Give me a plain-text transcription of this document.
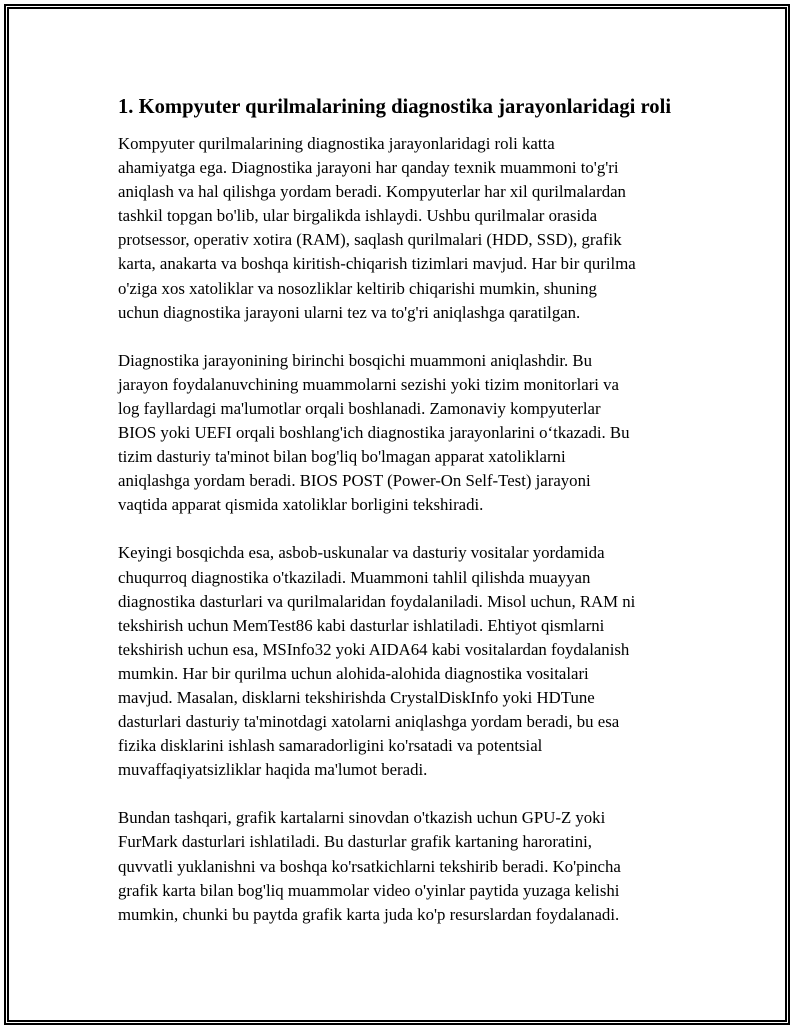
1. Kompyuter qurilmalarining diagnostika jarayonlaridagi roli

Kompyuter qurilmalarining diagnostika jarayonlaridagi roli katta
ahamiyatga ega. Diagnostika jarayoni har qanday texnik muammoni to'g'ri
aniqlash va hal qilishga yordam beradi. Kompyuterlar har xil qurilmalardan
tashkil topgan bo'lib, ular birgalikda ishlaydi. Ushbu qurilmalar orasida
protsessor, operativ xotira (RAM), saqlash qurilmalari (HDD, SSD), grafik
karta, anakarta va boshqa kiritish-chiqarish tizimlari mavjud. Har bir qurilma
o'ziga xos xatoliklar va nosozliklar keltirib chiqarishi mumkin, shuning
uchun diagnostika jarayoni ularni tez va to'g'ri aniqlashga qaratilgan.

Diagnostika jarayonining birinchi bosqichi muammoni aniqlashdir. Bu
jarayon foydalanuvchining muammolarni sezishi yoki tizim monitorlari va
log fayllardagi ma'lumotlar orqali boshlanadi. Zamonaviy kompyuterlar
BIOS yoki UEFI orqali boshlang'ich diagnostika jarayonlarini o‘tkazadi. Bu
tizim dasturiy ta'minot bilan bog'liq bo'lmagan apparat xatoliklarni
aniqlashga yordam beradi. BIOS POST (Power-On Self-Test) jarayoni
vaqtida apparat qismida xatoliklar borligini tekshiradi.

Keyingi bosqichda esa, asbob-uskunalar va dasturiy vositalar yordamida
chuqurroq diagnostika o'tkaziladi. Muammoni tahlil qilishda muayyan
diagnostika dasturlari va qurilmalaridan foydalaniladi. Misol uchun, RAM ni
tekshirish uchun MemTest86 kabi dasturlar ishlatiladi. Ehtiyot qismlarni
tekshirish uchun esa, MSInfo32 yoki AIDA64 kabi vositalardan foydalanish
mumkin. Har bir qurilma uchun alohida-alohida diagnostika vositalari
mavjud. Masalan, disklarni tekshirishda CrystalDiskInfo yoki HDTune
dasturlari dasturiy ta'minotdagi xatolarni aniqlashga yordam beradi, bu esa
fizika disklarini ishlash samaradorligini ko'rsatadi va potentsial
muvaffaqiyatsizliklar haqida ma'lumot beradi.

Bundan tashqari, grafik kartalarni sinovdan o'tkazish uchun GPU-Z yoki
FurMark dasturlari ishlatiladi. Bu dasturlar grafik kartaning haroratini,
quvvatli yuklanishni va boshqa ko'rsatkichlarni tekshirib beradi. Ko'pincha
grafik karta bilan bog'liq muammolar video o'yinlar paytida yuzaga kelishi
mumkin, chunki bu paytda grafik karta juda ko'p resurslardan foydalanadi.
